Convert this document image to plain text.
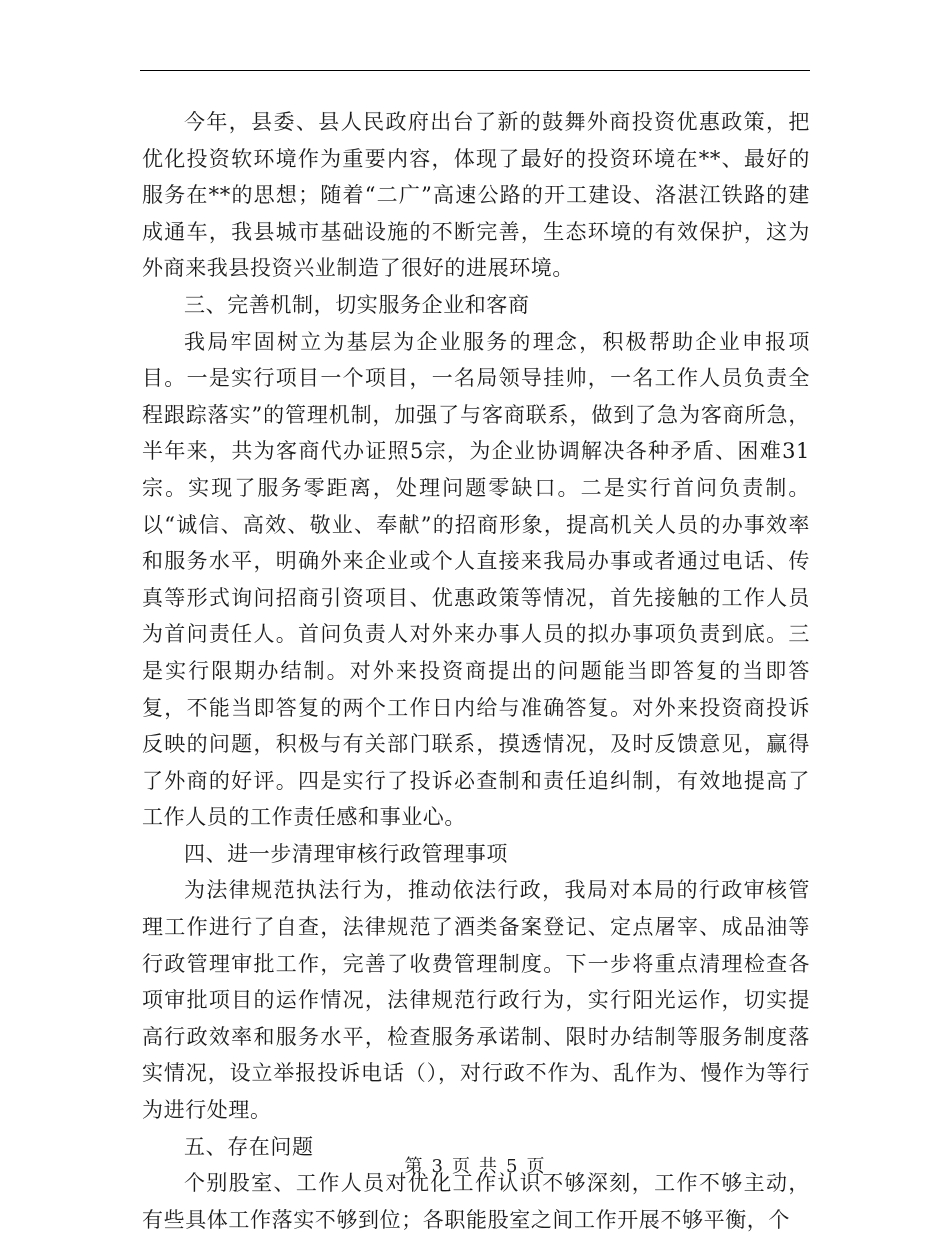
今年，县委、县人民政府出台了新的鼓舞外商投资优惠政策，把优化投资软环境作为重要内容，体现了最好的投资环境在**、最好的服务在**的思想；随着“二广”高速公路的开工建设、洛湛江铁路的建成通车，我县城市基础设施的不断完善，生态环境的有效保护，这为外商来我县投资兴业制造了很好的进展环境。

三、完善机制，切实服务企业和客商

我局牢固树立为基层为企业服务的理念，积极帮助企业申报项目。一是实行项目一个项目，一名局领导挂帅，一名工作人员负责全程跟踪落实”的管理机制，加强了与客商联系，做到了急为客商所急，半年来，共为客商代办证照5宗，为企业协调解决各种矛盾、困难31宗。实现了服务零距离，处理问题零缺口。二是实行首问负责制。以“诚信、高效、敬业、奉献”的招商形象，提高机关人员的办事效率和服务水平，明确外来企业或个人直接来我局办事或者通过电话、传真等形式询问招商引资项目、优惠政策等情况，首先接触的工作人员为首问责任人。首问负责人对外来办事人员的拟办事项负责到底。三是实行限期办结制。对外来投资商提出的问题能当即答复的当即答复，不能当即答复的两个工作日内给与准确答复。对外来投资商投诉反映的问题，积极与有关部门联系，摸透情况，及时反馈意见，赢得了外商的好评。四是实行了投诉必查制和责任追纠制，有效地提高了工作人员的工作责任感和事业心。

四、进一步清理审核行政管理事项

为法律规范执法行为，推动依法行政，我局对本局的行政审核管理工作进行了自查，法律规范了酒类备案登记、定点屠宰、成品油等行政管理审批工作，完善了收费管理制度。下一步将重点清理检查各项审批项目的运作情况，法律规范行政行为，实行阳光运作，切实提高行政效率和服务水平，检查服务承诺制、限时办结制等服务制度落实情况，设立举报投诉电话（），对行政不作为、乱作为、慢作为等行为进行处理。

五、存在问题

个别股室、工作人员对优化工作认识不够深刻，工作不够主动，有些具体工作落实不够到位；各职能股室之间工作开展不够平衡，个

第 3 页 共 5 页
